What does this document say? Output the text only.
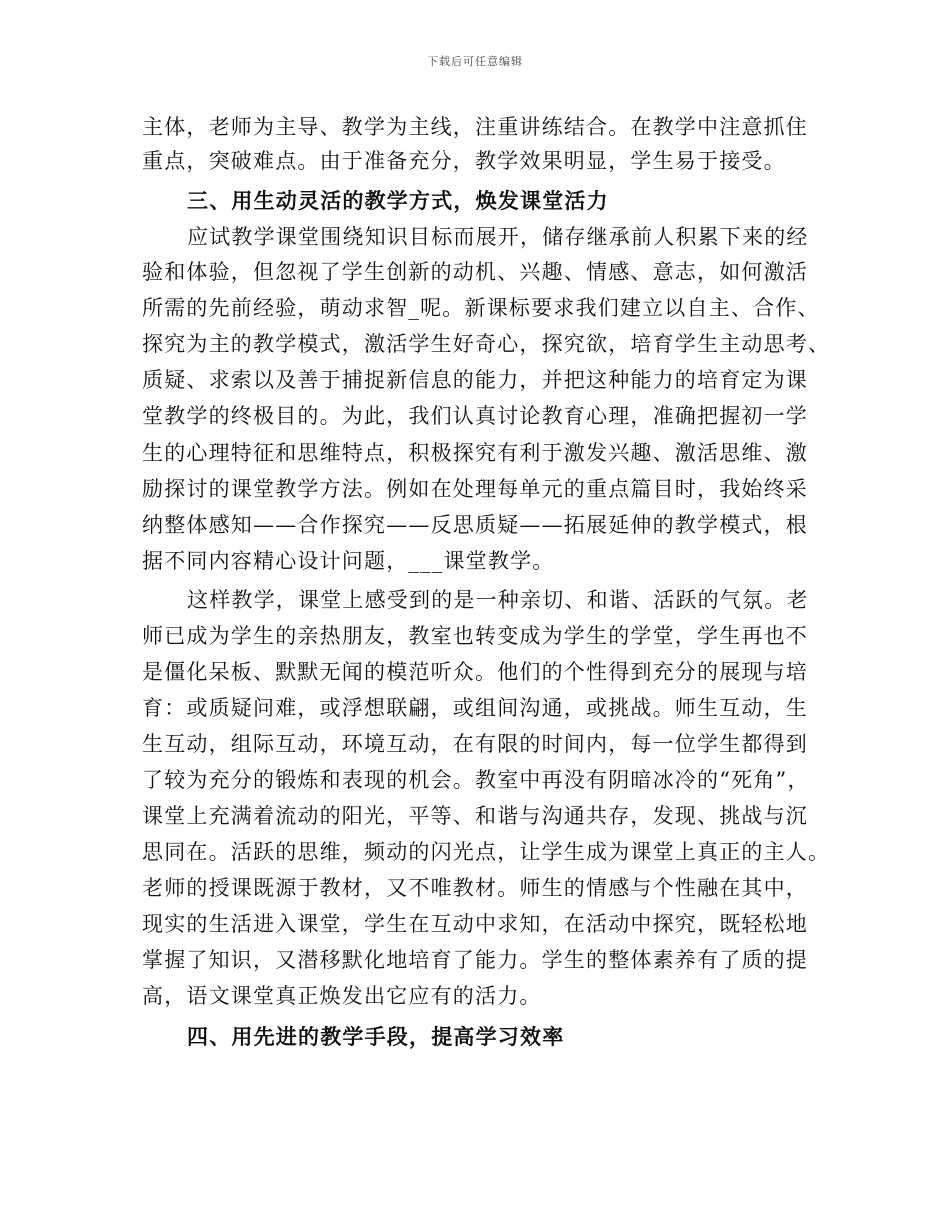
下载后可任意编辑
主体，老师为主导、教学为主线，注重讲练结合。在教学中注意抓住
重点，突破难点。由于准备充分，教学效果明显，学生易于接受。
三、用生动灵活的教学方式，焕发课堂活力
应试教学课堂围绕知识目标而展开，储存继承前人积累下来的经
验和体验，但忽视了学生创新的动机、兴趣、情感、意志，如何激活
所需的先前经验，萌动求智_呢。新课标要求我们建立以自主、合作、
探究为主的教学模式，激活学生好奇心，探究欲，培育学生主动思考、
质疑、求索以及善于捕捉新信息的能力，并把这种能力的培育定为课
堂教学的终极目的。为此，我们认真讨论教育心理，准确把握初一学
生的心理特征和思维特点，积极探究有利于激发兴趣、激活思维、激
励探讨的课堂教学方法。例如在处理每单元的重点篇目时，我始终采
纳整体感知——合作探究——反思质疑——拓展延伸的教学模式，根
据不同内容精心设计问题，___课堂教学。
这样教学，课堂上感受到的是一种亲切、和谐、活跃的气氛。老
师已成为学生的亲热朋友，教室也转变成为学生的学堂，学生再也不
是僵化呆板、默默无闻的模范听众。他们的个性得到充分的展现与培
育：或质疑问难，或浮想联翩，或组间沟通，或挑战。师生互动，生
生互动，组际互动，环境互动，在有限的时间内，每一位学生都得到
了较为充分的锻炼和表现的机会。教室中再没有阴暗冰冷的“死角”，
课堂上充满着流动的阳光，平等、和谐与沟通共存，发现、挑战与沉
思同在。活跃的思维，频动的闪光点，让学生成为课堂上真正的主人。
老师的授课既源于教材，又不唯教材。师生的情感与个性融在其中，
现实的生活进入课堂，学生在互动中求知，在活动中探究，既轻松地
掌握了知识，又潜移默化地培育了能力。学生的整体素养有了质的提
高，语文课堂真正焕发出它应有的活力。
四、用先进的教学手段，提高学习效率
